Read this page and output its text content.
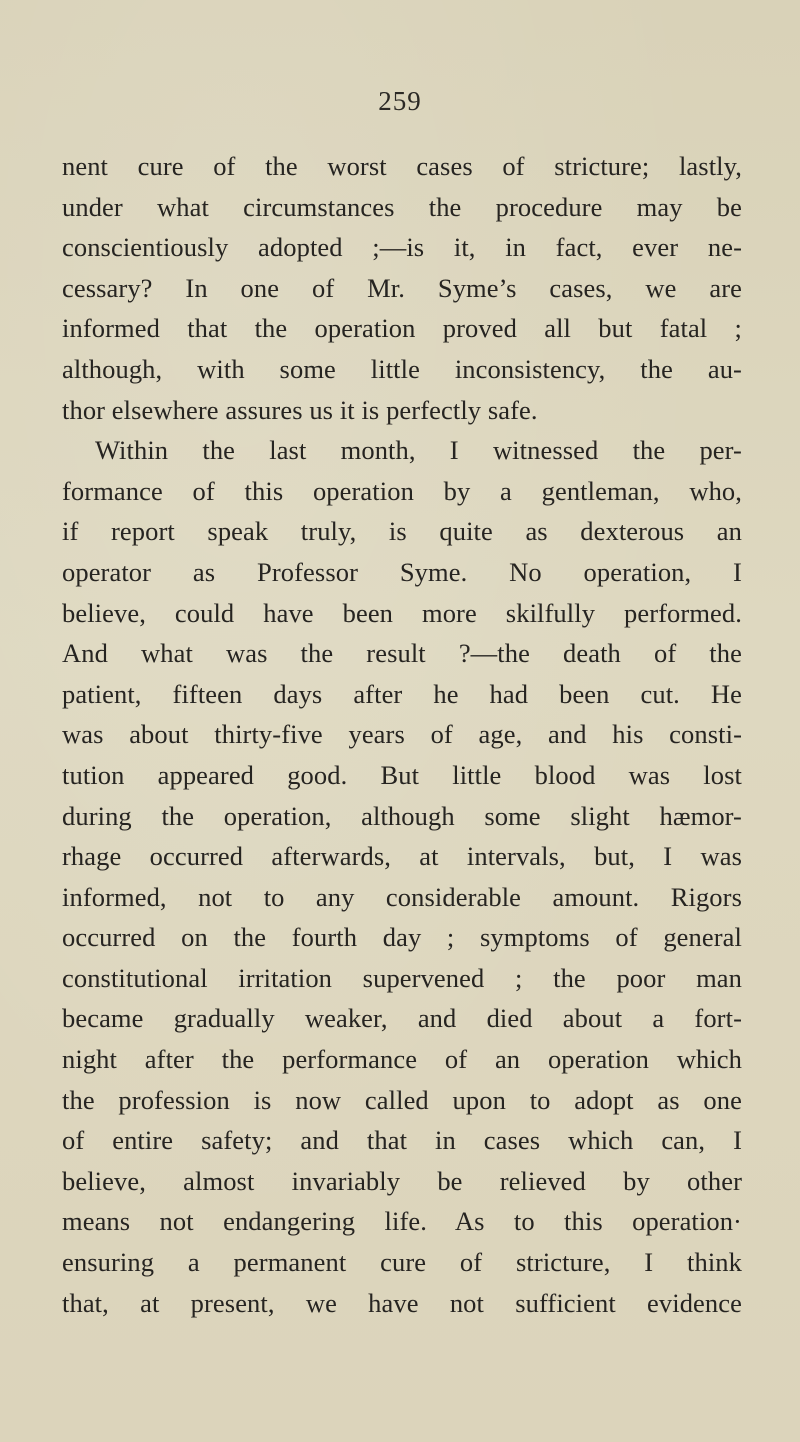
259
nent cure of the worst cases of stricture; lastly,
under what circumstances the procedure may be
conscientiously adopted ;—is it, in fact, ever ne-
cessary? In one of Mr. Syme’s cases, we are
informed that the operation proved all but fatal ;
although, with some little inconsistency, the au-
thor elsewhere assures us it is perfectly safe.
Within the last month, I witnessed the per-
formance of this operation by a gentleman, who,
if report speak truly, is quite as dexterous an
operator as Professor Syme. No operation, I
believe, could have been more skilfully performed.
And what was the result ?—the death of the
patient, fifteen days after he had been cut. He
was about thirty-five years of age, and his consti-
tution appeared good. But little blood was lost
during the operation, although some slight hæmor-
rhage occurred afterwards, at intervals, but, I was
informed, not to any considerable amount. Rigors
occurred on the fourth day ; symptoms of general
constitutional irritation supervened ; the poor man
became gradually weaker, and died about a fort-
night after the performance of an operation which
the profession is now called upon to adopt as one
of entire safety; and that in cases which can, I
believe, almost invariably be relieved by other
means not endangering life. As to this operation·
ensuring a permanent cure of stricture, I think
that, at present, we have not sufficient evidence
